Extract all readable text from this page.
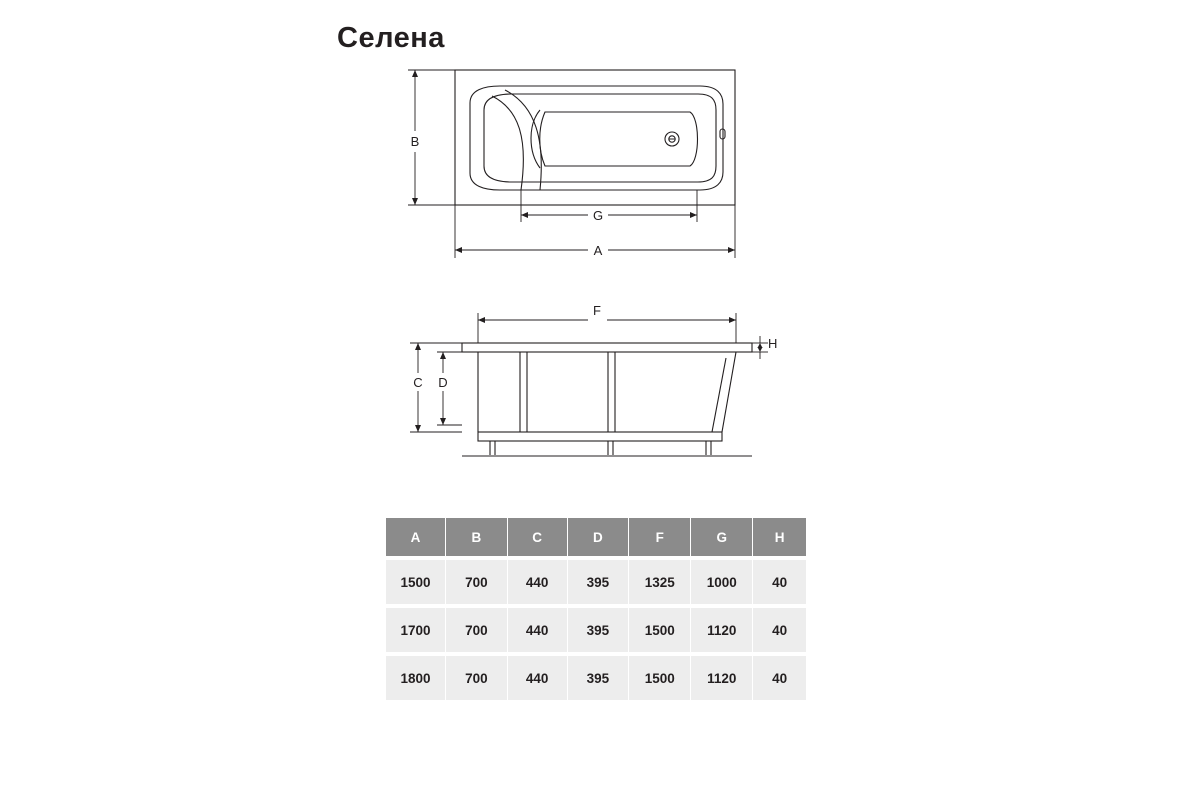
Селена
B
G
A
F
H
C D
A	B	C	D	F	G	H
1500	700	440	395	1325	1000	40
1700	700	440	395	1500	1120	40
1800	700	440	395	1500	1120	40
